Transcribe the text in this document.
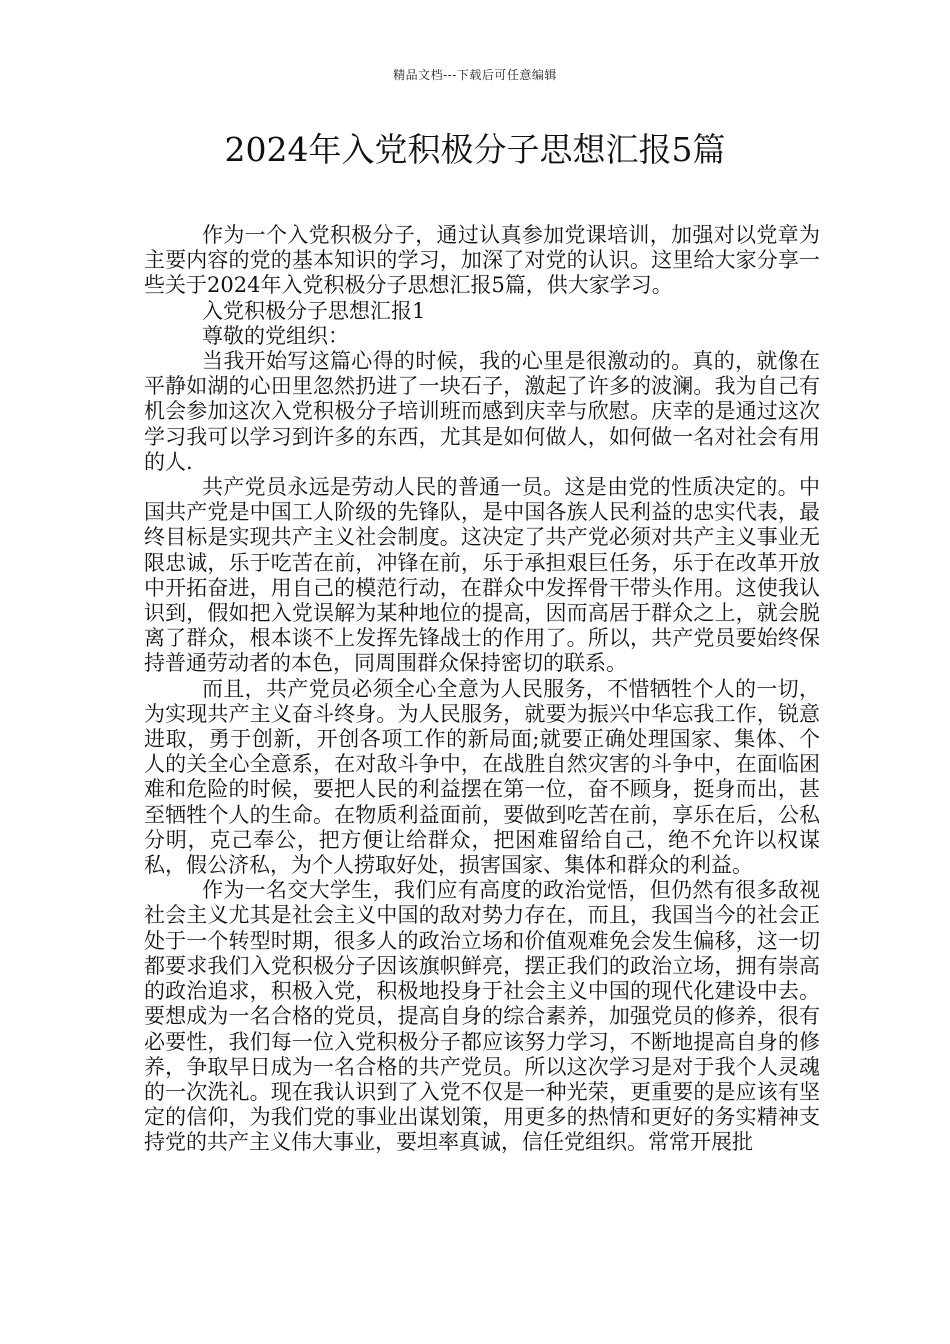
精品文档---下载后可任意编辑
2024年入党积极分子思想汇报5篇

作为一个入党积极分子，通过认真参加党课培训，加强对以党章为主要内容的党的基本知识的学习，加深了对党的认识。这里给大家分享一些关于2024年入党积极分子思想汇报5篇，供大家学习。

入党积极分子思想汇报1

尊敬的党组织：

当我开始写这篇心得的时候，我的心里是很激动的。真的，就像在平静如湖的心田里忽然扔进了一块石子，激起了许多的波澜。我为自己有机会参加这次入党积极分子培训班而感到庆幸与欣慰。庆幸的是通过这次学习我可以学习到许多的东西，尤其是如何做人，如何做一名对社会有用的人.

共产党员永远是劳动人民的普通一员。这是由党的性质决定的。中国共产党是中国工人阶级的先锋队，是中国各族人民利益的忠实代表，最终目标是实现共产主义社会制度。这决定了共产党必须对共产主义事业无限忠诚，乐于吃苦在前，冲锋在前，乐于承担艰巨任务，乐于在改革开放中开拓奋进，用自己的模范行动，在群众中发挥骨干带头作用。这使我认识到，假如把入党误解为某种地位的提高，因而高居于群众之上，就会脱离了群众，根本谈不上发挥先锋战士的作用了。所以，共产党员要始终保持普通劳动者的本色，同周围群众保持密切的联系。

而且，共产党员必须全心全意为人民服务，不惜牺牲个人的一切，为实现共产主义奋斗终身。为人民服务，就要为振兴中华忘我工作，锐意进取，勇于创新，开创各项工作的新局面;就要正确处理国家、集体、个人的关全心全意系，在对敌斗争中，在战胜自然灾害的斗争中，在面临困难和危险的时候，要把人民的利益摆在第一位，奋不顾身，挺身而出，甚至牺牲个人的生命。在物质利益面前，要做到吃苦在前，享乐在后，公私分明，克己奉公，把方便让给群众，把困难留给自己，绝不允许以权谋私，假公济私，为个人捞取好处，损害国家、集体和群众的利益。

作为一名交大学生，我们应有高度的政治觉悟，但仍然有很多敌视社会主义尤其是社会主义中国的敌对势力存在，而且，我国当今的社会正处于一个转型时期，很多人的政治立场和价值观难免会发生偏移，这一切都要求我们入党积极分子因该旗帜鲜亮，摆正我们的政治立场，拥有崇高的政治追求，积极入党，积极地投身于社会主义中国的现代化建设中去。要想成为一名合格的党员，提高自身的综合素养，加强党员的修养，很有必要性，我们每一位入党积极分子都应该努力学习，不断地提高自身的修养，争取早日成为一名合格的共产党员。所以这次学习是对于我个人灵魂的一次洗礼。现在我认识到了入党不仅是一种光荣，更重要的是应该有坚定的信仰，为我们党的事业出谋划策，用更多的热情和更好的务实精神支持党的共产主义伟大事业，要坦率真诚，信任党组织。常常开展批
